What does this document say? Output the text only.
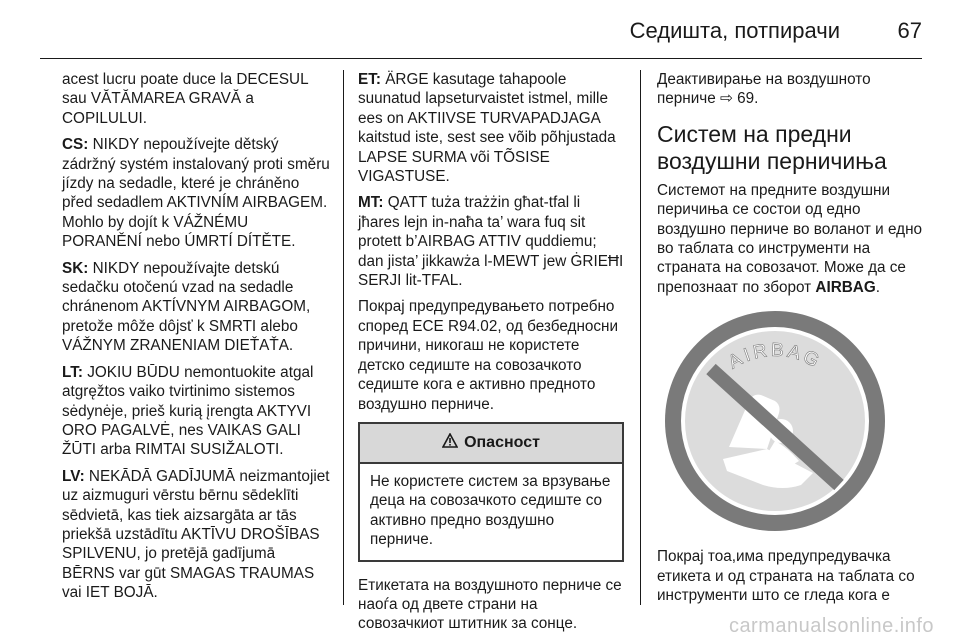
Седишта, потпирачи	67

acest lucru poate duce la DECESUL sau VĂTĂMAREA GRAVĂ a COPILULUI.

CS: NIKDY nepoužívejte dětský zádržný systém instalovaný proti směru jízdy na sedadle, které je chráněno před sedadlem AKTIVNÍM AIRBAGEM. Mohlo by dojít k VÁŽNÉMU PORANĚNÍ nebo ÚMRTÍ DÍTĚTE.

SK: NIKDY nepoužívajte detskú sedačku otočenú vzad na sedadle chránenom AKTÍVNYM AIRBAGOM, pretože môže dôjsť k SMRTI alebo VÁŽNYM ZRANENIAM DIEŤAŤA.

LT: JOKIU BŪDU nemontuokite atgal atgręžtos vaiko tvirtinimo sistemos sėdynėje, prieš kurią įrengta AKTYVI ORO PAGALVĖ, nes VAIKAS GALI ŽŪTI arba RIMTAI SUSIŽALOTI.

LV: NEKĀDĀ GADĪJUMĀ neizmantojiet uz aizmuguri vērstu bērnu sēdeklīti sēdvietā, kas tiek aizsargāta ar tās priekšā uzstādītu AKTĪVU DROŠĪBAS SPILVENU, jo pretējā gadījumā BĒRNS var gūt SMAGAS TRAUMAS vai IET BOJĀ.

ET: ÄRGE kasutage tahapoole suunatud lapseturvaistet istmel, mille ees on AKTIIVSE TURVAPADJAGA kaitstud iste, sest see võib põhjustada LAPSE SURMA või TÕSISE VIGASTUSE.

MT: QATT tuża trażżin għat-tfal li jħares lejn in-naħa ta’ wara fuq sit protett b’AIRBAG ATTIV quddiemu; dan jista’ jikkawża l-MEWT jew ĠRIEĦI SERJI lit-TFAL.

Покрај предупредувањето потребно според ECE R94.02, од безбедносни причини, никогаш не користете детско седиште на совозачкото седиште кога е активно предното воздушно перниче.

Опасност
Не користете систем за врзување деца на совозачкото седиште со активно предно воздушно перниче.

Етикетата на воздушното перниче се наоѓа од двете страни на совозачкиот штитник за сонце.

Деактивирање на воздушното перниче ⇨ 69.

Систем на предни воздушни перничиња

Системот на предните воздушни перичиња се состои од едно воздушно перниче во воланот и едно во таблата со инструменти на страната на совозачот. Може да се препознаат по зборот AIRBAG.

AIRBAG

Покрај тоа,има предупредувачка етикета и од страната на таблата со инструменти што се гледа кога е

carmanualsonline.info
